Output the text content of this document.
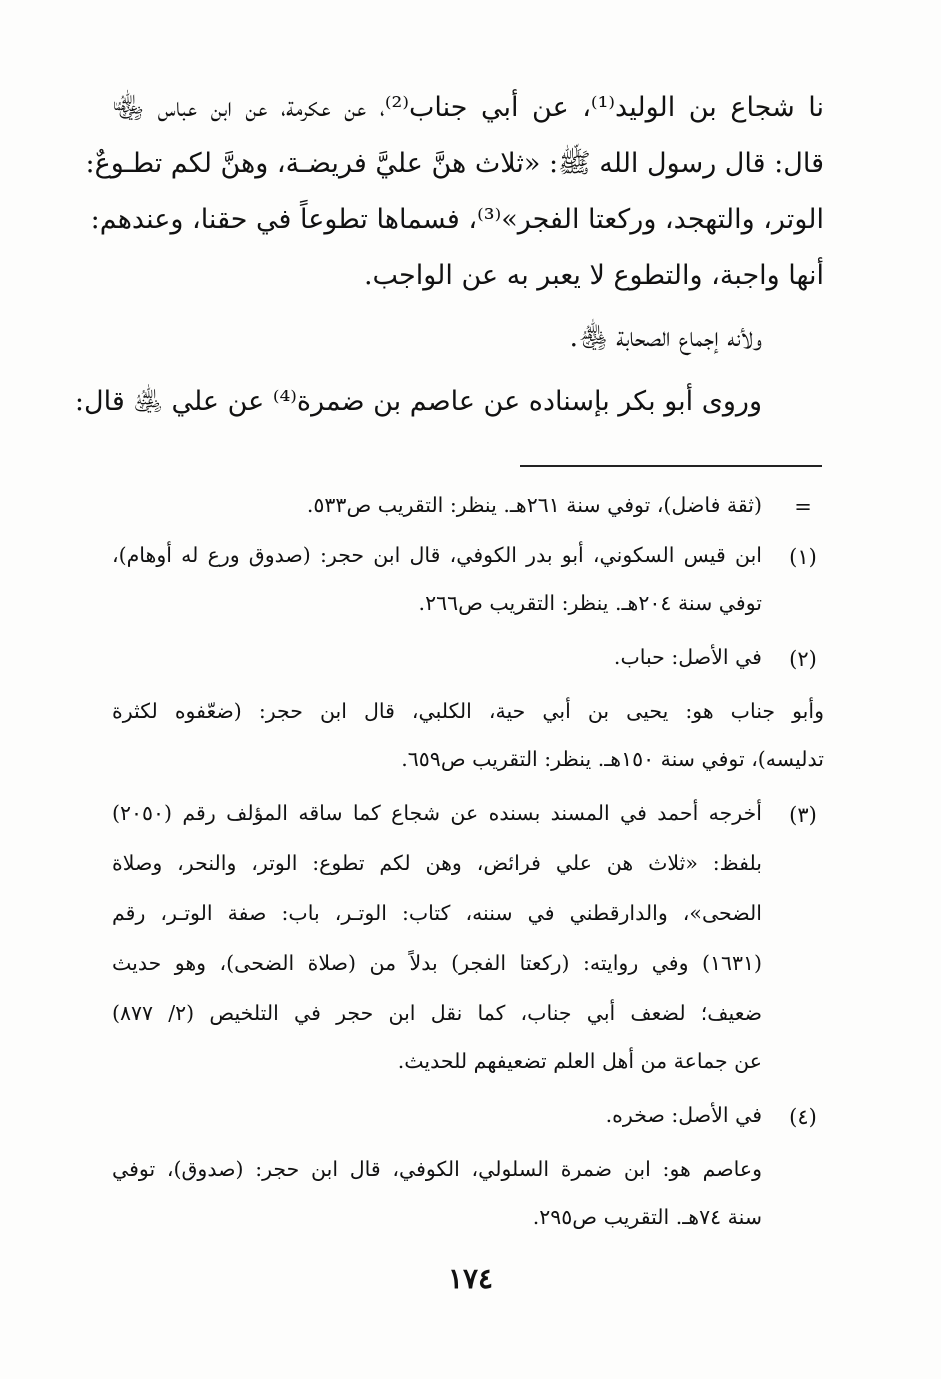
نا شجاع بن الوليد⁽¹⁾، عن أبي جناب⁽²⁾، عن عكرمة، عن ابن عباس ﵄
قال: قال رسول الله ﷺ: «ثلاث هنَّ عليَّ فريضـة، وهنَّ لكم تطـوعٌ:
الوتر، والتهجد، وركعتا الفجر»⁽³⁾، فسماها تطوعاً في حقنا، وعندهم:
أنها واجبة، والتطوع لا يعبر به عن الواجب.
ولأنه إجماع الصحابة ﵃.
وروى أبو بكر بإسناده عن عاصم بن ضمرة⁽⁴⁾ عن علي ﵁ قال:
=
(ثقة فاضل)، توفي سنة ٢٦١هـ. ينظر: التقريب ص٥٣٣.
(١)
ابن قيس السكوني، أبو بدر الكوفي، قال ابن حجر: (صدوق ورع له أوهام)،
توفي سنة ٢٠٤هـ. ينظر: التقريب ص٢٦٦.
(٢)
في الأصل: حباب.
وأبو جناب هو: يحيى بن أبي حية، الكلبي، قال ابن حجر: (ضعّفوه لكثرة
تدليسه)، توفي سنة ١٥٠هـ. ينظر: التقريب ص٦٥٩.
(٣)
أخرجه أحمد في المسند بسنده عن شجاع كما ساقه المؤلف رقم (٢٠٥٠)
بلفظ: «ثلاث هن علي فرائض، وهن لكم تطوع: الوتر، والنحر، وصلاة
الضحى»، والدارقطني في سننه، كتاب: الوتـر، باب: صفة الوتـر، رقم
(١٦٣١) وفي روايته: (ركعتا الفجر) بدلاً من (صلاة الضحى)، وهو حديث
ضعيف؛ لضعف أبي جناب، كما نقل ابن حجر في التلخيص (٢/ ٨٧٧)
عن جماعة من أهل العلم تضعيفهم للحديث.
(٤)
في الأصل: صخره.
وعاصم هو: ابن ضمرة السلولي، الكوفي، قال ابن حجر: (صدوق)، توفي
سنة ٧٤هـ. التقريب ص٢٩٥.
١٧٤
